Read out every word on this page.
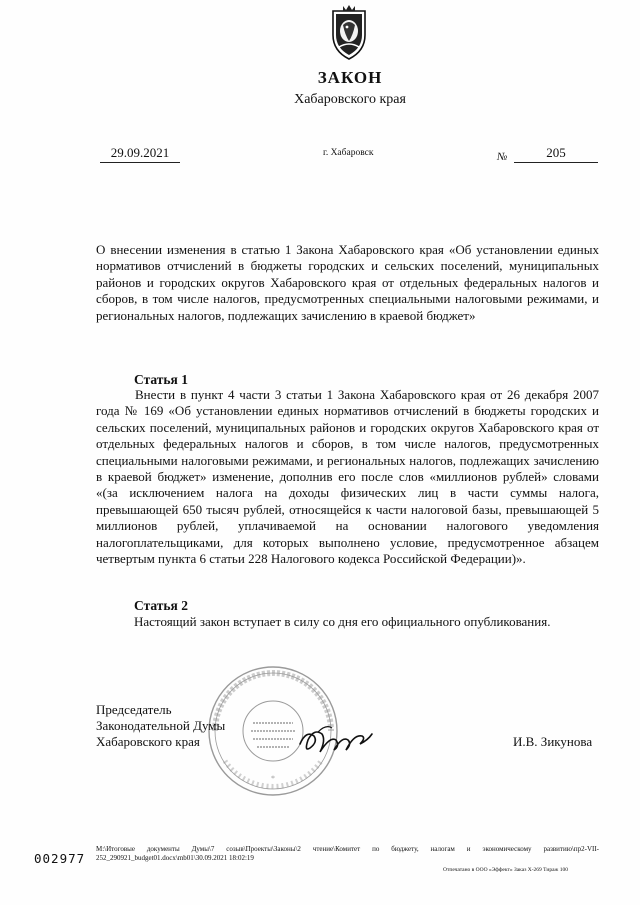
ЗАКОН
Хабаровского края
29.09.2021	г. Хабаровск	№	205
О внесении изменения в статью 1 Закона Хабаровского края «Об установлении единых нормативов отчислений в бюджеты городских и сельских поселений, муниципальных районов и городских округов Хабаровского края от отдельных федеральных налогов и сборов, в том числе налогов, предусмотренных специальными налоговыми режимами, и региональных налогов, подлежащих зачислению в краевой бюджет»
Статья 1
Внести в пункт 4 части 3 статьи 1 Закона Хабаровского края от 26 декабря 2007 года № 169 «Об установлении единых нормативов отчислений в бюджеты городских и сельских поселений, муниципальных районов и городских округов Хабаровского края от отдельных федеральных налогов и сборов, в том числе налогов, предусмотренных специальными налоговыми режимами, и региональных налогов, подлежащих зачислению в краевой бюджет» изменение, дополнив его после слов «миллионов рублей» словами «(за исключением налога на доходы физических лиц в части суммы налога, превышающей 650 тысяч рублей, относящейся к части налоговой базы, превышающей 5 миллионов рублей, уплачиваемой на основании налогового уведомления налогоплательщиками, для которых выполнено условие, предусмотренное абзацем четвертым пункта 6 статьи 228 Налогового кодекса Российской Федерации)».
Статья 2
Настоящий закон вступает в силу со дня его официального опубликования.
*
Председатель
Законодательной Думы
Хабаровского края	И.В. Зикунова
002977
M:\Итоговые документы Думы\7 созыв\Проекты\Законы\2 чтение\Комитет по бюджету, налогам и экономическому развитию\пр2-VII-252_290921_budget01.docx\mb01\30.09.2021 18:02:19
Отпечатано в ООО «Эффект» Заказ Х-269 Тираж 100
